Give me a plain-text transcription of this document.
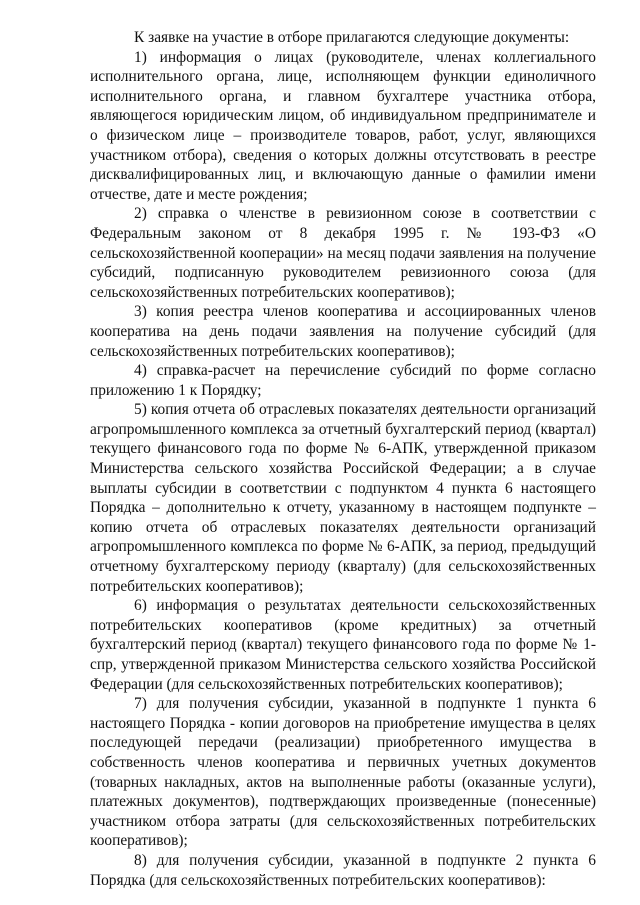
К заявке на участие в отборе прилагаются следующие документы:

1) информация о лицах (руководителе, членах коллегиального исполнительного органа, лице, исполняющем функции единоличного исполнительного органа, и главном бухгалтере участника отбора, являющегося юридическим лицом, об индивидуальном предпринимателе и о физическом лице – производителе товаров, работ, услуг, являющихся участником отбора), сведения о которых должны отсутствовать в реестре дисквалифицированных лиц, и включающую данные о фамилии имени отчестве, дате и месте рождения;

2) справка о членстве в ревизионном союзе в соответствии с Федеральным законом от 8 декабря 1995 г. № 193-ФЗ «О сельскохозяйственной кооперации» на месяц подачи заявления на получение субсидий, подписанную руководителем ревизионного союза (для сельскохозяйственных потребительских кооперативов);

3) копия реестра членов кооператива и ассоциированных членов кооператива на день подачи заявления на получение субсидий (для сельскохозяйственных потребительских кооперативов);

4) справка-расчет на перечисление субсидий по форме согласно приложению 1 к Порядку;

5) копия отчета об отраслевых показателях деятельности организаций агропромышленного комплекса за отчетный бухгалтерский период (квартал) текущего финансового года по форме № 6-АПК, утвержденной приказом Министерства сельского хозяйства Российской Федерации; а в случае выплаты субсидии в соответствии с подпунктом 4 пункта 6 настоящего Порядка – дополнительно к отчету, указанному в настоящем подпункте – копию отчета об отраслевых показателях деятельности организаций агропромышленного комплекса по форме № 6-АПК, за период, предыдущий отчетному бухгалтерскому периоду (кварталу) (для сельскохозяйственных потребительских кооперативов);

6) информация о результатах деятельности сельскохозяйственных потребительских кооперативов (кроме кредитных) за отчетный бухгалтерский период (квартал) текущего финансового года по форме № 1-спр, утвержденной приказом Министерства сельского хозяйства Российской Федерации (для сельскохозяйственных потребительских кооперативов);

7) для получения субсидии, указанной в подпункте 1 пункта 6 настоящего Порядка - копии договоров на приобретение имущества в целях последующей передачи (реализации) приобретенного имущества в собственность членов кооператива и первичных учетных документов (товарных накладных, актов на выполненные работы (оказанные услуги), платежных документов), подтверждающих произведенные (понесенные) участником отбора затраты (для сельскохозяйственных потребительских кооперативов);

8) для получения субсидии, указанной в подпункте 2 пункта 6 Порядка (для сельскохозяйственных потребительских кооперативов):
